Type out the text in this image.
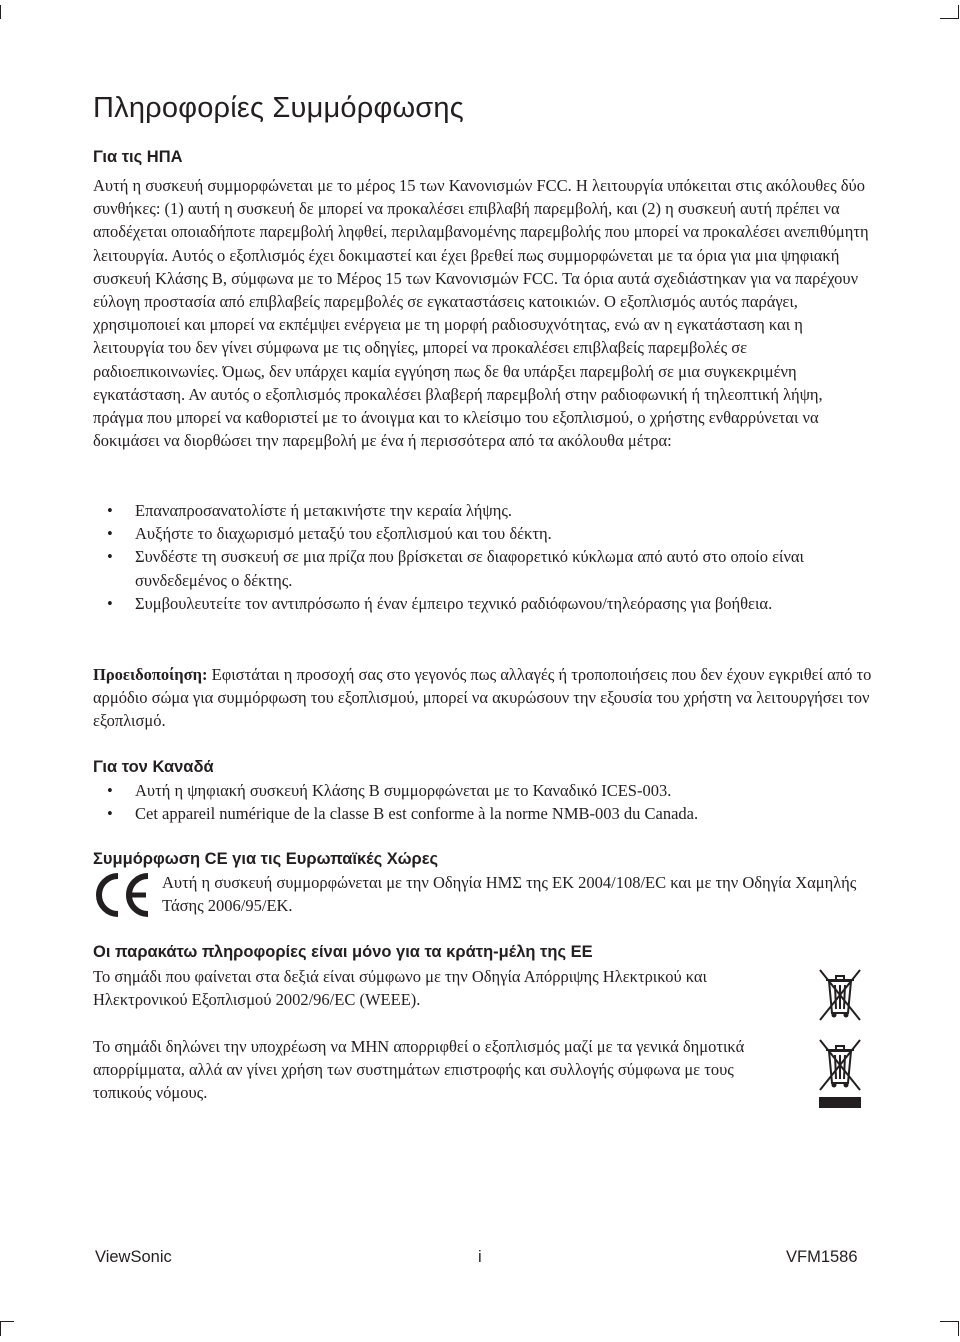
Πληροφορίες Συμμόρφωσης
Για τις ΗΠΑ

Αυτή η συσκευή συμμορφώνεται με το μέρος 15 των Κανονισμών FCC. Η λειτουργία υπόκειται στις ακόλουθες δύο συνθήκες: (1) αυτή η συσκευή δε μπορεί να προκαλέσει επιβλαβή παρεμβολή, και (2) η συσκευή αυτή πρέπει να αποδέχεται οποιαδήποτε παρεμβολή ληφθεί, περιλαμβανομένης παρεμβολής που μπορεί να προκαλέσει ανεπιθύμητη λειτουργία. Αυτός ο εξοπλισμός έχει δοκιμαστεί και έχει βρεθεί πως συμμορφώνεται με τα όρια για μια ψηφιακή συσκευή Κλάσης Β, σύμφωνα με το Μέρος 15 των Κανονισμών FCC. Τα όρια αυτά σχεδιάστηκαν για να παρέχουν εύλογη προστασία από επιβλαβείς παρεμβολές σε εγκαταστάσεις κατοικιών. Ο εξοπλισμός αυτός παράγει, χρησιμοποιεί και μπορεί να εκπέμψει ενέργεια με τη μορφή ραδιοσυχνότητας, ενώ αν η εγκατάσταση και η λειτουργία του δεν γίνει σύμφωνα με τις οδηγίες, μπορεί να προκαλέσει επιβλαβείς παρεμβολές σε ραδιοεπικοινωνίες. Όμως, δεν υπάρχει καμία εγγύηση πως δε θα υπάρξει παρεμβολή σε μια συγκεκριμένη εγκατάσταση. Αν αυτός ο εξοπλισμός προκαλέσει βλαβερή παρεμβολή στην ραδιοφωνική ή τηλεοπτική λήψη, πράγμα που μπορεί να καθοριστεί με το άνοιγμα και το κλείσιμο του εξοπλισμού, ο χρήστης ενθαρρύνεται να δοκιμάσει να διορθώσει την παρεμβολή με ένα ή περισσότερα από τα ακόλουθα μέτρα:

• Επαναπροσανατολίστε ή μετακινήστε την κεραία λήψης.
• Αυξήστε το διαχωρισμό μεταξύ του εξοπλισμού και του δέκτη.
• Συνδέστε τη συσκευή σε μια πρίζα που βρίσκεται σε διαφορετικό κύκλωμα από αυτό στο οποίο είναι συνδεδεμένος ο δέκτης.
• Συμβουλευτείτε τον αντιπρόσωπο ή έναν έμπειρο τεχνικό ραδιόφωνου/τηλεόρασης για βοήθεια.

Προειδοποίηση: Εφιστάται η προσοχή σας στο γεγονός πως αλλαγές ή τροποποιήσεις που δεν έχουν εγκριθεί από το αρμόδιο σώμα για συμμόρφωση του εξοπλισμού, μπορεί να ακυρώσουν την εξουσία του χρήστη να λειτουργήσει τον εξοπλισμό.

Για τον Καναδά
• Αυτή η ψηφιακή συσκευή Κλάσης B συμμορφώνεται με το Καναδικό ICES-003.
• Cet appareil numérique de la classe B est conforme à la norme NMB-003 du Canada.
Συμμόρφωση CE για τις Ευρωπαϊκές Χώρες

Αυτή η συσκευή συμμορφώνεται με την Οδηγία ΗΜΣ της ΕΚ 2004/108/EC και με την Οδηγία Χαμηλής Τάσης 2006/95/ΕΚ.

Οι παρακάτω πληροφορίες είναι μόνο για τα κράτη-μέλη της ΕΕ

Το σημάδι που φαίνεται στα δεξιά είναι σύμφωνο με την Οδηγία Απόρριψης Ηλεκτρικού και Ηλεκτρονικού Εξοπλισμού 2002/96/EC (WEEE).

Το σημάδι δηλώνει την υποχρέωση να ΜΗΝ απορριφθεί ο εξοπλισμός μαζί με τα γενικά δημοτικά απορρίμματα, αλλά αν γίνει χρήση των συστημάτων επιστροφής και συλλογής σύμφωνα με τους τοπικούς νόμους.

ViewSonic	i	VFM1586
